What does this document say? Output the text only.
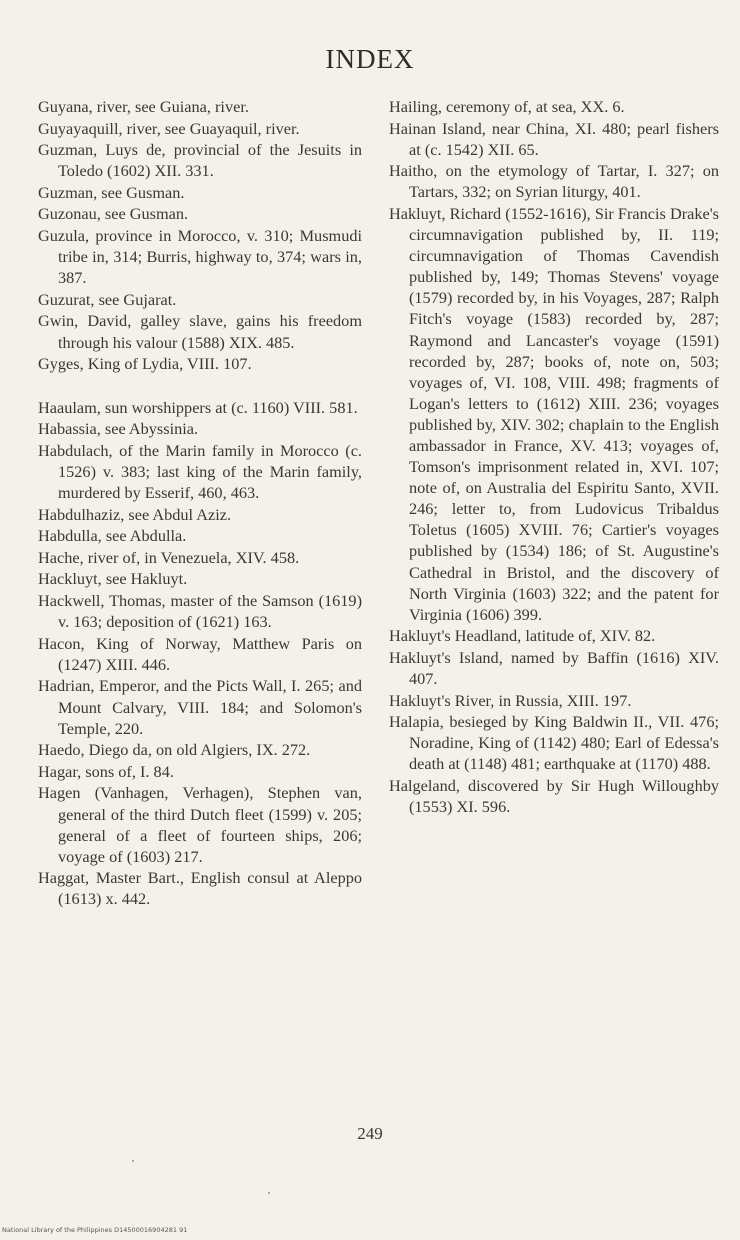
INDEX
Guyana, river, see Guiana, river.
Guyayaquill, river, see Guayaquil, river.
Guzman, Luys de, provincial of the Jesuits in Toledo (1602) XII. 331.
Guzman, see Gusman.
Guzonau, see Gusman.
Guzula, province in Morocco, v. 310; Musmudi tribe in, 314; Burris, highway to, 374; wars in, 387.
Guzurat, see Gujarat.
Gwin, David, galley slave, gains his freedom through his valour (1588) XIX. 485.
Gyges, King of Lydia, VIII. 107.
Haaulam, sun worshippers at (c. 1160) VIII. 581.
Habassia, see Abyssinia.
Habdulach, of the Marin family in Morocco (c. 1526) v. 383; last king of the Marin family, murdered by Esserif, 460, 463.
Habdulhaziz, see Abdul Aziz.
Habdulla, see Abdulla.
Hache, river of, in Venezuela, XIV. 458.
Hackluyt, see Hakluyt.
Hackwell, Thomas, master of the Samson (1619) v. 163; deposition of (1621) 163.
Hacon, King of Norway, Matthew Paris on (1247) XIII. 446.
Hadrian, Emperor, and the Picts Wall, I. 265; and Mount Calvary, VIII. 184; and Solomon's Temple, 220.
Haedo, Diego da, on old Algiers, IX. 272.
Hagar, sons of, I. 84.
Hagen (Vanhagen, Verhagen), Stephen van, general of the third Dutch fleet (1599) v. 205; general of a fleet of fourteen ships, 206; voyage of (1603) 217.
Haggat, Master Bart., English consul at Aleppo (1613) x. 442.
Hailing, ceremony of, at sea, XX. 6.
Hainan Island, near China, XI. 480; pearl fishers at (c. 1542) XII. 65.
Haitho, on the etymology of Tartar, I. 327; on Tartars, 332; on Syrian liturgy, 401.
Hakluyt, Richard (1552-1616), Sir Francis Drake's circumnavigation published by, II. 119; circumnavigation of Thomas Cavendish published by, 149; Thomas Stevens' voyage (1579) recorded by, in his Voyages, 287; Ralph Fitch's voyage (1583) recorded by, 287; Raymond and Lancaster's voyage (1591) recorded by, 287; books of, note on, 503; voyages of, VI. 108, VIII. 498; fragments of Logan's letters to (1612) XIII. 236; voyages published by, XIV. 302; chaplain to the English ambassador in France, XV. 413; voyages of, Tomson's imprisonment related in, XVI. 107; note of, on Australia del Espiritu Santo, XVII. 246; letter to, from Ludovicus Tribaldus Toletus (1605) XVIII. 76; Cartier's voyages published by (1534) 186; of St. Augustine's Cathedral in Bristol, and the discovery of North Virginia (1603) 322; and the patent for Virginia (1606) 399.
Hakluyt's Headland, latitude of, XIV. 82.
Hakluyt's Island, named by Baffin (1616) XIV. 407.
Hakluyt's River, in Russia, XIII. 197.
Halapia, besieged by King Baldwin II., VII. 476; Noradine, King of (1142) 480; Earl of Edessa's death at (1148) 481; earthquake at (1170) 488.
Halgeland, discovered by Sir Hugh Willoughby (1553) XI. 596.
249
National Library of the Philippines D14500016904281 91
